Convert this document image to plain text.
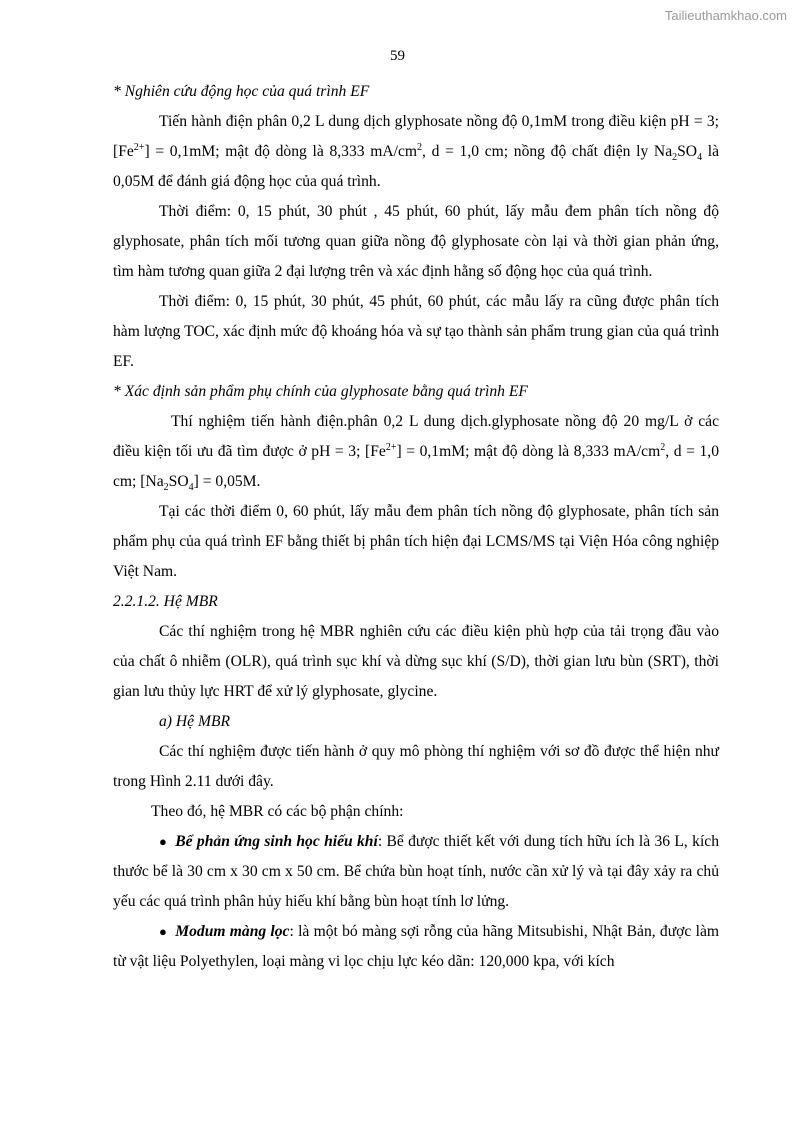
Tailieuthamkhao.com
59

* Nghiên cứu động học của quá trình EF

Tiến hành điện phân 0,2 L dung dịch glyphosate nồng độ 0,1mM trong điều kiện pH = 3; $[Fe^{2+}] = 0,1mM$; mật độ dòng là 8,333 $mA/cm^2$, d = 1,0 cm; nồng độ chất điện ly $Na_2SO_4$ là 0,05M để đánh giá động học của quá trình.

Thời điểm: 0, 15 phút, 30 phút , 45 phút, 60 phút, lấy mẫu đem phân tích nồng độ glyphosate, phân tích mối tương quan giữa nồng độ glyphosate còn lại và thời gian phản ứng, tìm hàm tương quan giữa 2 đại lượng trên và xác định hằng số động học của quá trình.

Thời điểm: 0, 15 phút, 30 phút, 45 phút, 60 phút, các mẫu lấy ra cũng được phân tích hàm lượng TOC, xác định mức độ khoáng hóa và sự tạo thành sản phẩm trung gian của quá trình EF.

* Xác định sản phẩm phụ chính của glyphosate bằng quá trình EF

Thí nghiệm tiến hành điện.phân 0,2 L dung dịch.glyphosate nồng độ 20 mg/L ở các điều kiện tối ưu đã tìm được ở pH = 3; $[Fe^{2+}] = 0,1mM$; mật độ dòng là 8,333 $mA/cm^2$, d = 1,0 cm; $[Na_2SO_4] = 0,05M$.

Tại các thời điểm 0, 60 phút, lấy mẫu đem phân tích nồng độ glyphosate, phân tích sản phẩm phụ của quá trình EF bằng thiết bị phân tích hiện đại LCMS/MS tại Viện Hóa công nghiệp Việt Nam.

2.2.1.2. Hệ MBR

Các thí nghiệm trong hệ MBR nghiên cứu các điều kiện phù hợp của tải trọng đầu vào của chất ô nhiễm (OLR), quá trình sục khí và dừng sục khí (S/D), thời gian lưu bùn (SRT), thời gian lưu thủy lực HRT để xử lý glyphosate, glycine.

a) Hệ MBR

Các thí nghiệm được tiến hành ở quy mô phòng thí nghiệm với sơ đồ được thể hiện như trong Hình 2.11 dưới đây.

Theo đó, hệ MBR có các bộ phận chính:

● Bể phản ứng sinh học hiếu khí: Bể được thiết kết với dung tích hữu ích là 36 L, kích thước bể là 30 cm x 30 cm x 50 cm. Bể chứa bùn hoạt tính, nước cần xử lý và tại đây xảy ra chủ yếu các quá trình phân hủy hiếu khí bằng bùn hoạt tính lơ lửng.

● Modum màng lọc: là một bó màng sợi rỗng của hãng Mitsubishi, Nhật Bản, được làm từ vật liệu Polyethylen, loại màng vi lọc chịu lực kéo dãn: 120,000 kpa, với kích
